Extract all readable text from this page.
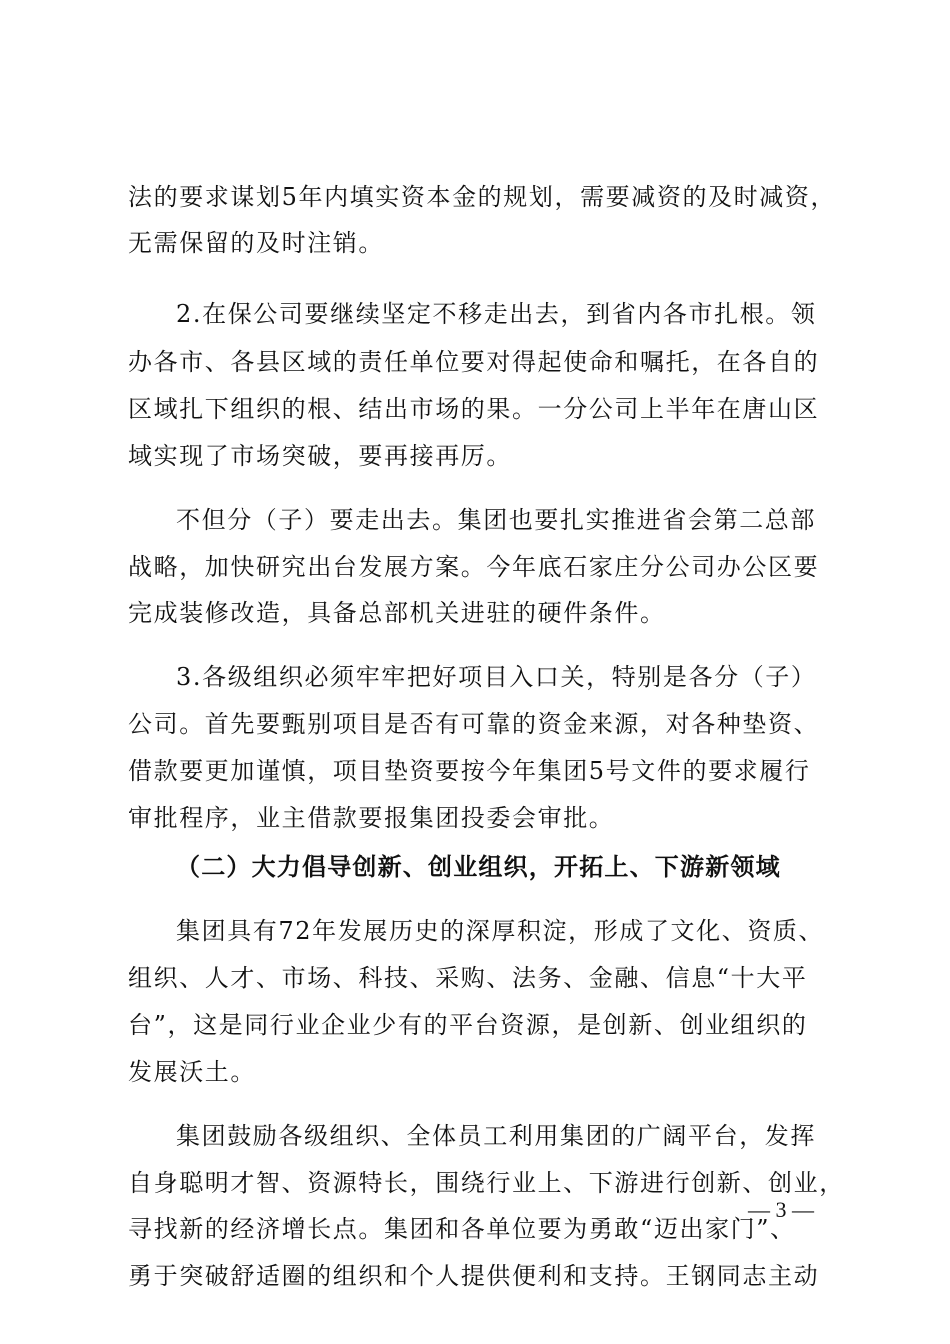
法的要求谋划5年内填实资本金的规划，需要减资的及时减资，
无需保留的及时注销。
2.在保公司要继续坚定不移走出去，到省内各市扎根。领
办各市、各县区域的责任单位要对得起使命和嘱托，在各自的
区域扎下组织的根、结出市场的果。一分公司上半年在唐山区
域实现了市场突破，要再接再厉。
不但分（子）要走出去。集团也要扎实推进省会第二总部
战略，加快研究出台发展方案。今年底石家庄分公司办公区要
完成装修改造，具备总部机关进驻的硬件条件。
3.各级组织必须牢牢把好项目入口关，特别是各分（子）
公司。首先要甄别项目是否有可靠的资金来源，对各种垫资、
借款要更加谨慎，项目垫资要按今年集团5号文件的要求履行
审批程序，业主借款要报集团投委会审批。
（二）大力倡导创新、创业组织，开拓上、下游新领域
集团具有72年发展历史的深厚积淀，形成了文化、资质、
组织、人才、市场、科技、采购、法务、金融、信息“十大平
台”，这是同行业企业少有的平台资源，是创新、创业组织的
发展沃土。
集团鼓励各级组织、全体员工利用集团的广阔平台，发挥
自身聪明才智、资源特长，围绕行业上、下游进行创新、创业，
寻找新的经济增长点。集团和各单位要为勇敢“迈出家门”、
勇于突破舒适圈的组织和个人提供便利和支持。王钢同志主动
— 3 —
